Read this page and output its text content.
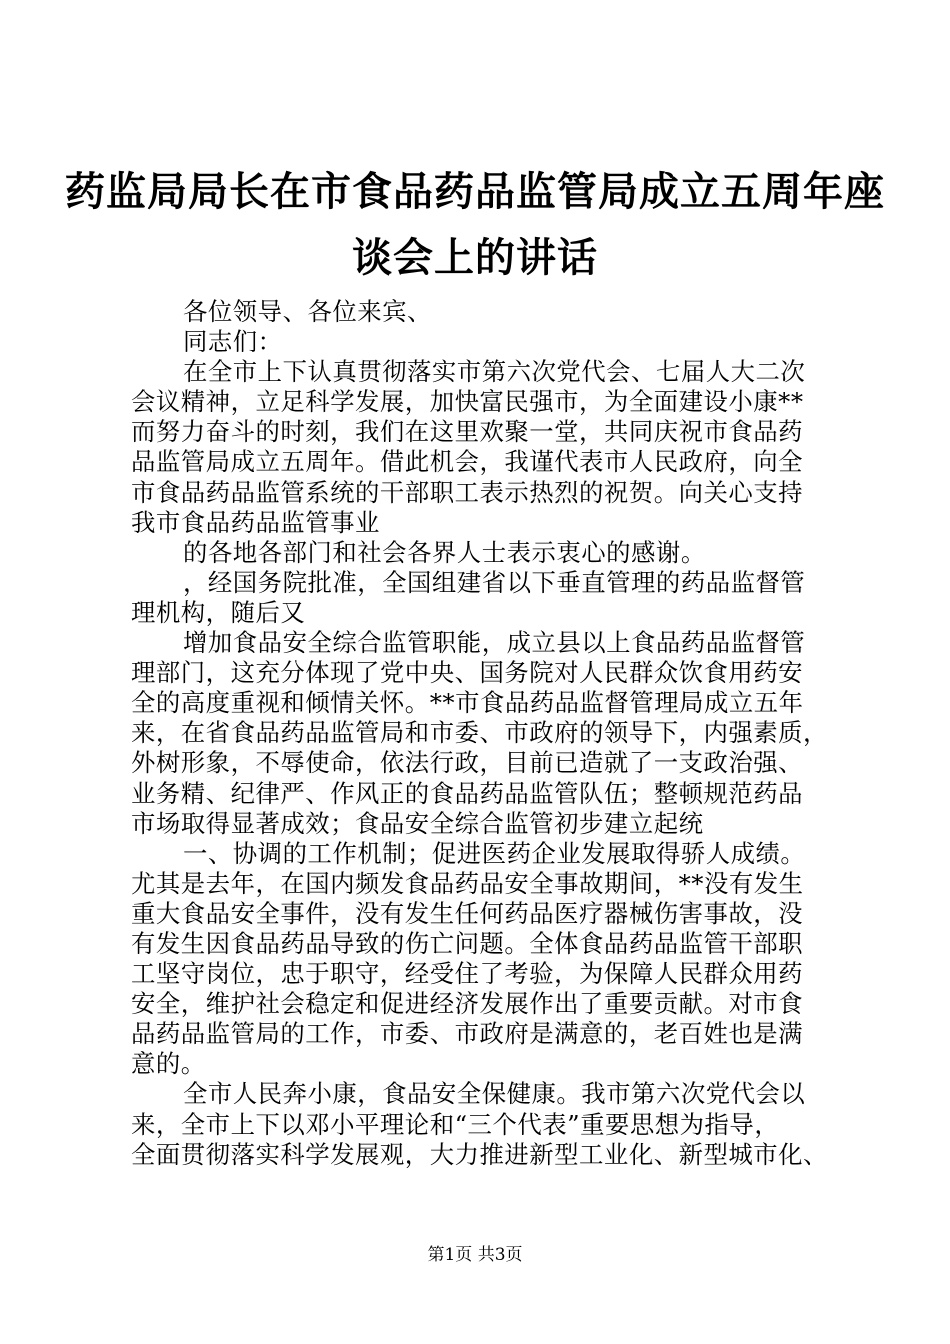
药监局局长在市食品药品监管局成立五周年座
谈会上的讲话
各位领导、各位来宾、
同志们：
在全市上下认真贯彻落实市第六次党代会、七届人大二次
会议精神，立足科学发展，加快富民强市，为全面建设小康**
而努力奋斗的时刻，我们在这里欢聚一堂，共同庆祝市食品药
品监管局成立五周年。借此机会，我谨代表市人民政府，向全
市食品药品监管系统的干部职工表示热烈的祝贺。向关心支持
我市食品药品监管事业
的各地各部门和社会各界人士表示衷心的感谢。
，经国务院批准，全国组建省以下垂直管理的药品监督管
理机构，随后又
增加食品安全综合监管职能，成立县以上食品药品监督管
理部门，这充分体现了党中央、国务院对人民群众饮食用药安
全的高度重视和倾情关怀。**市食品药品监督管理局成立五年
来，在省食品药品监管局和市委、市政府的领导下，内强素质，
外树形象，不辱使命，依法行政，目前已造就了一支政治强、
业务精、纪律严、作风正的食品药品监管队伍；整顿规范药品
市场取得显著成效；食品安全综合监管初步建立起统
一、协调的工作机制；促进医药企业发展取得骄人成绩。
尤其是去年，在国内频发食品药品安全事故期间，**没有发生
重大食品安全事件，没有发生任何药品医疗器械伤害事故，没
有发生因食品药品导致的伤亡问题。全体食品药品监管干部职
工坚守岗位，忠于职守，经受住了考验，为保障人民群众用药
安全，维护社会稳定和促进经济发展作出了重要贡献。对市食
品药品监管局的工作，市委、市政府是满意的，老百姓也是满
意的。
全市人民奔小康，食品安全保健康。我市第六次党代会以
来，全市上下以邓小平理论和“三个代表”重要思想为指导，
全面贯彻落实科学发展观，大力推进新型工业化、新型城市化、
第1页 共3页
